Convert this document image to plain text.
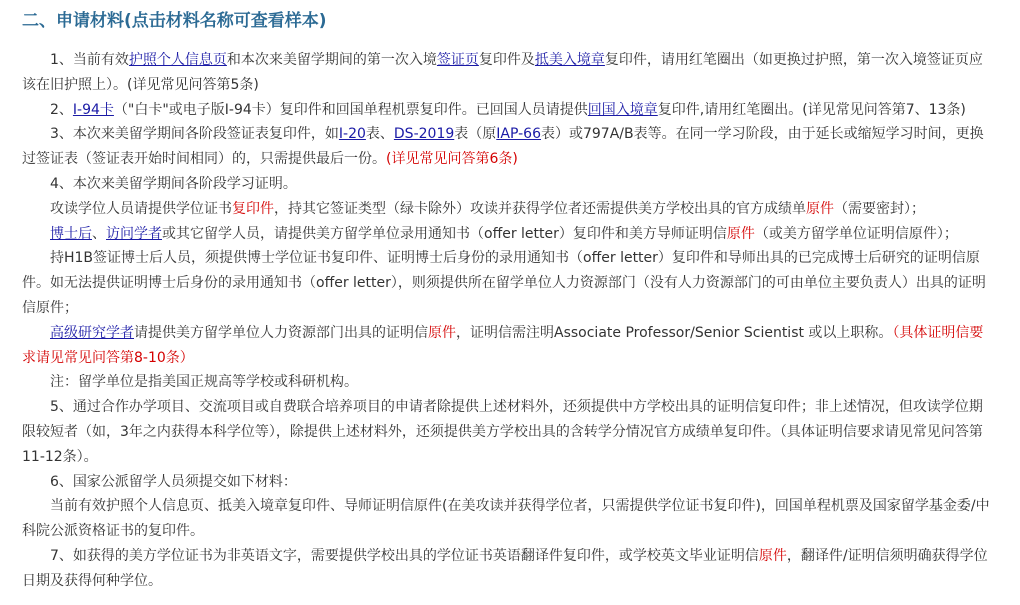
二、申请材料(点击材料名称可查看样本)

1、当前有效护照个人信息页和本次来美留学期间的第一次入境签证页复印件及抵美入境章复印件，请用红笔圈出（如更换过护照，第一次入境签证页应该在旧护照上）。(详见常见问答第5条)

2、I-94卡（"白卡"或电子版I-94卡）复印件和回国单程机票复印件。已回国人员请提供回国入境章复印件,请用红笔圈出。(详见常见问答第7、13条)

3、本次来美留学期间各阶段签证表复印件，如I-20表、DS-2019表（原IAP-66表）或797A/B表等。在同一学习阶段，由于延长或缩短学习时间，更换过签证表（签证表开始时间相同）的，只需提供最后一份。(详见常见问答第6条)

4、本次来美留学期间各阶段学习证明。

攻读学位人员请提供学位证书复印件，持其它签证类型（绿卡除外）攻读并获得学位者还需提供美方学校出具的官方成绩单原件（需要密封）；

博士后、访问学者或其它留学人员，请提供美方留学单位录用通知书（offer letter）复印件和美方导师证明信原件（或美方留学单位证明信原件）；

持H1B签证博士后人员，须提供博士学位证书复印件、证明博士后身份的录用通知书（offer letter）复印件和导师出具的已完成博士后研究的证明信原件。如无法提供证明博士后身份的录用通知书（offer letter），则须提供所在留学单位人力资源部门（没有人力资源部门的可由单位主要负责人）出具的证明信原件；

高级研究学者请提供美方留学单位人力资源部门出具的证明信原件，证明信需注明Associate Professor/Senior Scientist 或以上职称。（具体证明信要求请见常见问答第8-10条）

注：留学单位是指美国正规高等学校或科研机构。

5、通过合作办学项目、交流项目或自费联合培养项目的申请者除提供上述材料外，还须提供中方学校出具的证明信复印件；非上述情况，但攻读学位期限较短者（如，3年之内获得本科学位等），除提供上述材料外，还须提供美方学校出具的含转学分情况官方成绩单复印件。（具体证明信要求请见常见问答第11-12条）。

6、国家公派留学人员须提交如下材料：

当前有效护照个人信息页、抵美入境章复印件、导师证明信原件(在美攻读并获得学位者，只需提供学位证书复印件)，回国单程机票及国家留学基金委/中科院公派资格证书的复印件。

7、如获得的美方学位证书为非英语文字，需要提供学校出具的学位证书英语翻译件复印件，或学校英文毕业证明信原件，翻译件/证明信须明确获得学位日期及获得何种学位。
